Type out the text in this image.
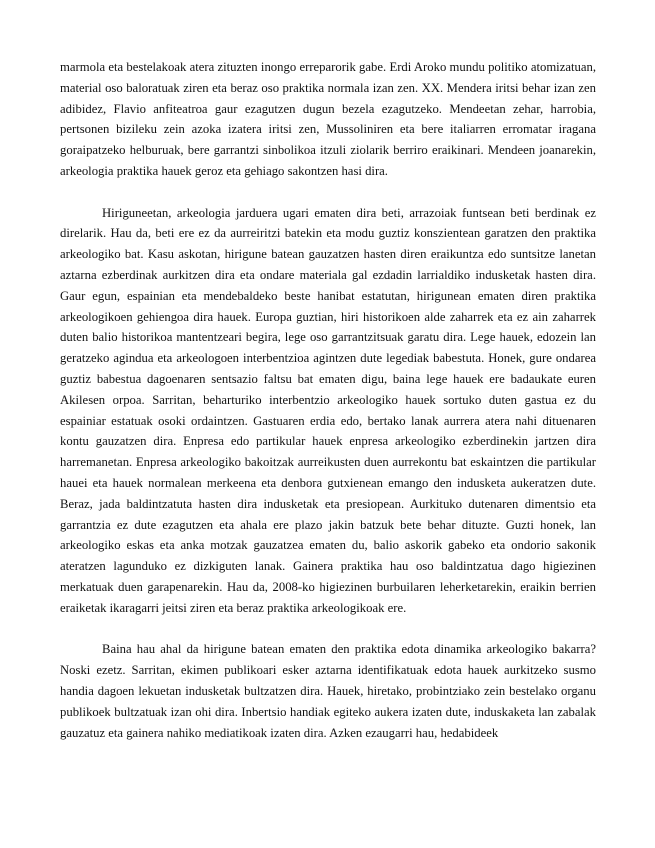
marmola eta bestelakoak atera zituzten inongo erreparorik gabe. Erdi Aroko mundu politiko atomizatuan, material oso baloratuak ziren eta beraz oso praktika normala izan zen. XX. Mendera iritsi behar izan zen adibidez, Flavio anfiteatroa gaur ezagutzen dugun bezela ezagutzeko. Mendeetan zehar, harrobia, pertsonen bizileku zein azoka izatera iritsi zen, Mussoliniren eta bere italiarren erromatar iragana goraipatzeko helburuak, bere garrantzi sinbolikoa itzuli ziolarik berriro eraikinari. Mendeen joanarekin, arkeologia praktika hauek geroz eta gehiago sakontzen hasi dira.

Hiriguneetan, arkeologia jarduera ugari ematen dira beti, arrazoiak funtsean beti berdinak ez direlarik. Hau da, beti ere ez da aurreiritzi batekin eta modu guztiz konszientean garatzen den praktika arkeologiko bat. Kasu askotan, hirigune batean gauzatzen hasten diren eraikuntza edo suntsitze lanetan aztarna ezberdinak aurkitzen dira eta ondare materiala gal ezdadin larrialdiko indusketak hasten dira. Gaur egun, espainian eta mendebaldeko beste hanibat estatutan, hirigunean ematen diren praktika arkeologikoen gehiengoa dira hauek. Europa guztian, hiri historikoen alde zaharrek eta ez ain zaharrek duten balio historikoa mantentzeari begira, lege oso garrantzitsuak garatu dira. Lege hauek, edozein lan geratzeko agindua eta arkeologoen interbentzioa agintzen dute legediak babestuta. Honek, gure ondarea guztiz babestua dagoenaren sentsazio faltsu bat ematen digu, baina lege hauek ere badaukate euren Akilesen orpoa. Sarritan, beharturiko interbentzio arkeologiko hauek sortuko duten gastua ez du espainiar estatuak osoki ordaintzen. Gastuaren erdia edo, bertako lanak aurrera atera nahi dituenaren kontu gauzatzen dira. Enpresa edo partikular hauek enpresa arkeologiko ezberdinekin jartzen dira harremanetan. Enpresa arkeologiko bakoitzak aurreikusten duen aurrekontu bat eskaintzen die partikular hauei eta hauek normalean merkeena eta denbora gutxienean emango den indusketa aukeratzen dute. Beraz, jada baldintzatuta hasten dira indusketak eta presiopean. Aurkituko dutenaren dimentsio eta garrantzia ez dute ezagutzen eta ahala ere plazo jakin batzuk bete behar dituzte. Guzti honek, lan arkeologiko eskas eta anka motzak gauzatzea ematen du, balio askorik gabeko eta ondorio sakonik ateratzen lagunduko ez dizkiguten lanak. Gainera praktika hau oso baldintzatua dago higiezinen merkatuak duen garapenarekin. Hau da, 2008-ko higiezinen burbuilaren leherketarekin, eraikin berrien eraiketak ikaragarri jeitsi ziren eta beraz praktika arkeologikoak ere.

Baina hau ahal da hirigune batean ematen den praktika edota dinamika arkeologiko bakarra? Noski ezetz. Sarritan, ekimen publikoari esker aztarna identifikatuak edota hauek aurkitzeko susmo handia dagoen lekuetan indusketak bultzatzen dira. Hauek, hiretako, probintziako zein bestelako organu publikoek bultzatuak izan ohi dira. Inbertsio handiak egiteko aukera izaten dute, induskaketa lan zabalak gauzatuz eta gainera nahiko mediatikoak izaten dira. Azken ezaugarri hau, hedabideek
